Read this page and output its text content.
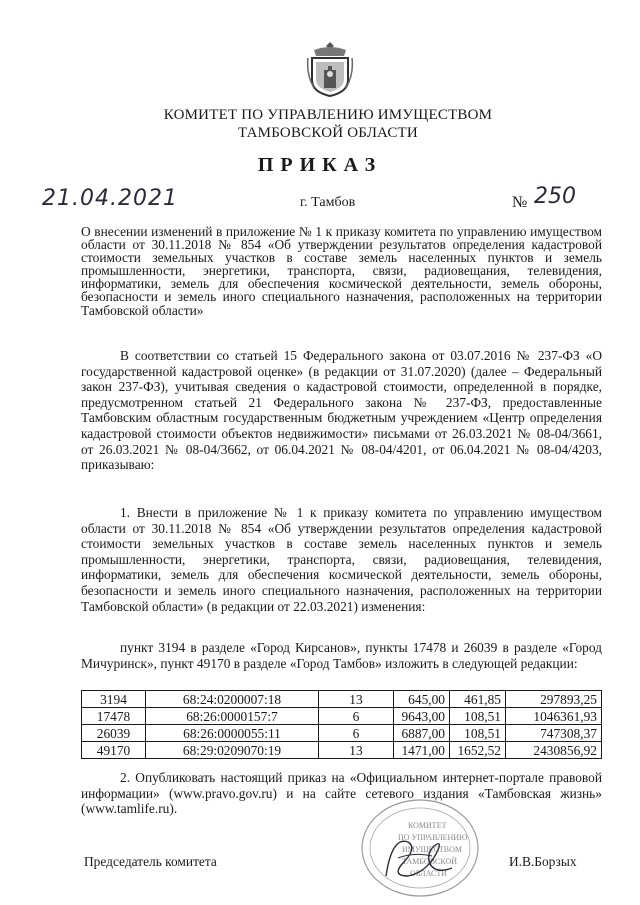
КОМИТЕТ ПО УПРАВЛЕНИЮ ИМУЩЕСТВОМ
ТАМБОВСКОЙ ОБЛАСТИ
ПРИКАЗ
21.04.2021	г. Тамбов	№ 250
О внесении изменений в приложение № 1 к приказу комитета по управлению имуществом области от 30.11.2018 № 854 «Об утверждении результатов определения кадастровой стоимости земельных участков в составе земель населенных пунктов и земель промышленности, энергетики, транспорта, связи, радиовещания, телевидения, информатики, земель для обеспечения космической деятельности, земель обороны, безопасности и земель иного специального назначения, расположенных на территории Тамбовской области»

В соответствии со статьей 15 Федерального закона от 03.07.2016 № 237-ФЗ «О государственной кадастровой оценке» (в редакции от 31.07.2020) (далее – Федеральный закон 237-ФЗ), учитывая сведения о кадастровой стоимости, определенной в порядке, предусмотренном статьей 21 Федерального закона № 237-ФЗ, предоставленные Тамбовским областным государственным бюджетным учреждением «Центр определения кадастровой стоимости объектов недвижимости» письмами от 26.03.2021 № 08-04/3661, от 26.03.2021 № 08-04/3662, от 06.04.2021 № 08-04/4201, от 06.04.2021 № 08-04/4203, приказываю:

1. Внести в приложение № 1 к приказу комитета по управлению имуществом области от 30.11.2018 № 854 «Об утверждении результатов определения кадастровой стоимости земельных участков в составе земель населенных пунктов и земель промышленности, энергетики, транспорта, связи, радиовещания, телевидения, информатики, земель для обеспечения космической деятельности, земель обороны, безопасности и земель иного специального назначения, расположенных на территории Тамбовской области» (в редакции от 22.03.2021) изменения:

пункт 3194 в разделе «Город Кирсанов», пункты 17478 и 26039 в разделе «Город Мичуринск», пункт 49170 в разделе «Город Тамбов» изложить в следующей редакции:

3194	68:24:0200007:18	13	645,00	461,85	297893,25
17478	68:26:0000157:7	6	9643,00	108,51	1046361,93
26039	68:26:0000055:11	6	6887,00	108,51	747308,37
49170	68:29:0209070:19	13	1471,00	1652,52	2430856,92

2. Опубликовать настоящий приказ на «Официальном интернет-портале правовой информации» (www.pravo.gov.ru) и на сайте сетевого издания «Тамбовская жизнь» (www.tamlife.ru).

КОМИТЕТ
ПО УПРАВЛЕНИЮ
ИМУЩЕСТВОМ
ТАМБОВСКОЙ
ОБЛАСТИ
Председатель комитета	И.В.Борзых
